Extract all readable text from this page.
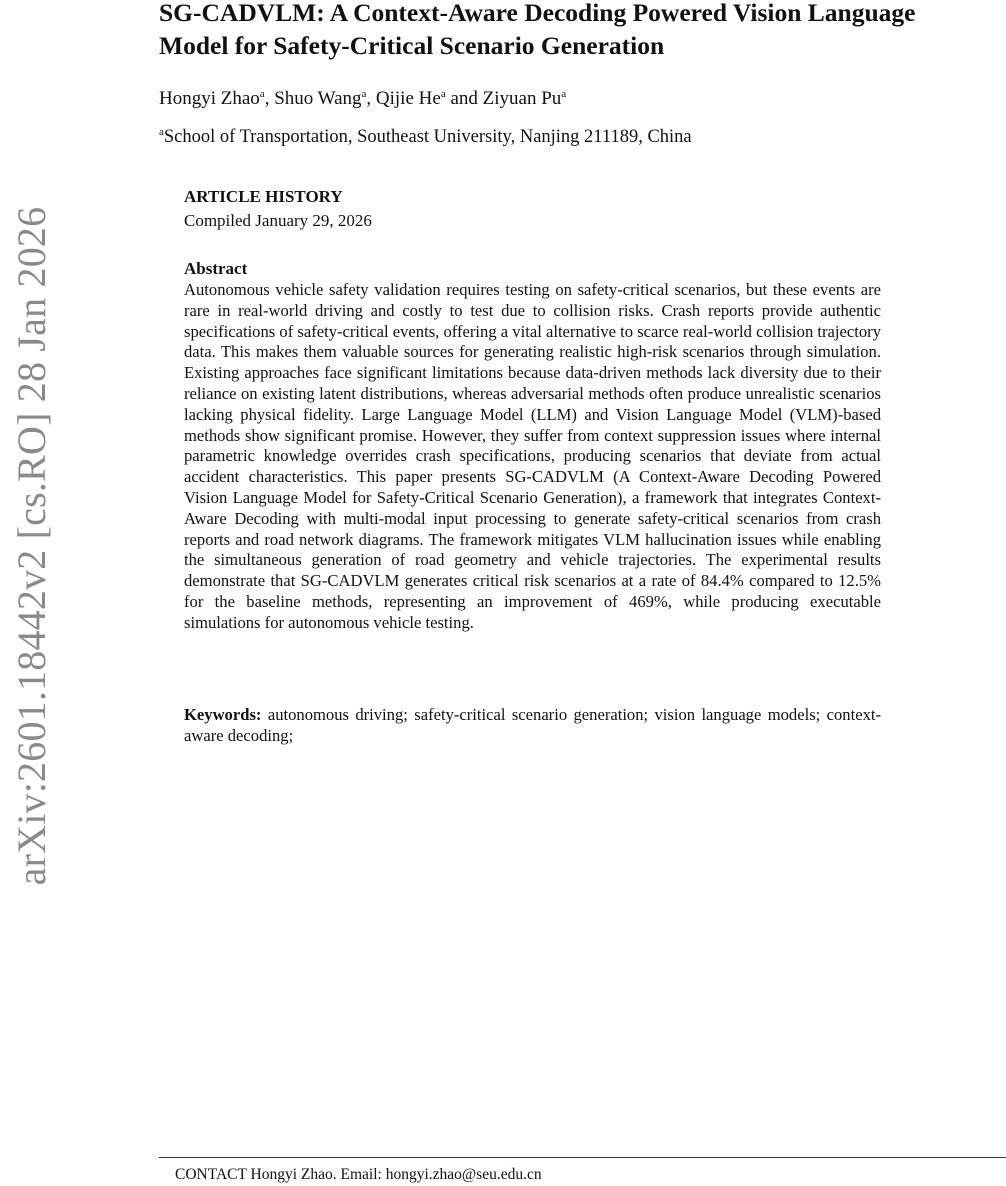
arXiv:2601.18442v2 [cs.RO] 28 Jan 2026
SG-CADVLM: A Context-Aware Decoding Powered Vision Language Model for Safety-Critical Scenario Generation
Hongyi Zhao$^a$, Shuo Wang$^a$, Qijie He$^a$ and Ziyuan Pu$^a$
$^a$School of Transportation, Southeast University, Nanjing 211189, China
ARTICLE HISTORY
Compiled January 29, 2026
Abstract

Autonomous vehicle safety validation requires testing on safety-critical scenarios, but these events are rare in real-world driving and costly to test due to collision risks. Crash reports provide authentic specifications of safety-critical events, offering a vital alternative to scarce real-world collision trajectory data. This makes them valuable sources for generating realistic high-risk scenarios through simulation. Existing approaches face significant limitations because data-driven methods lack diversity due to their reliance on existing latent distributions, whereas adversarial methods often produce unrealistic scenarios lacking physical fidelity. Large Language Model (LLM) and Vision Language Model (VLM)-based methods show significant promise. However, they suffer from context suppression issues where internal parametric knowledge overrides crash specifications, producing scenarios that deviate from actual accident characteristics. This paper presents SG-CADVLM (A Context-Aware Decoding Powered Vision Language Model for Safety-Critical Scenario Generation), a framework that integrates Context-Aware Decoding with multi-modal input processing to generate safety-critical scenarios from crash reports and road network diagrams. The framework mitigates VLM hallucination issues while enabling the simultaneous generation of road geometry and vehicle trajectories. The experimental results demonstrate that SG-CADVLM generates critical risk scenarios at a rate of 84.4% compared to 12.5% for the baseline methods, representing an improvement of 469%, while producing executable simulations for autonomous vehicle testing.

Keywords: autonomous driving; safety-critical scenario generation; vision language models; context-aware decoding;

CONTACT Hongyi Zhao. Email: hongyi.zhao@seu.edu.cn
